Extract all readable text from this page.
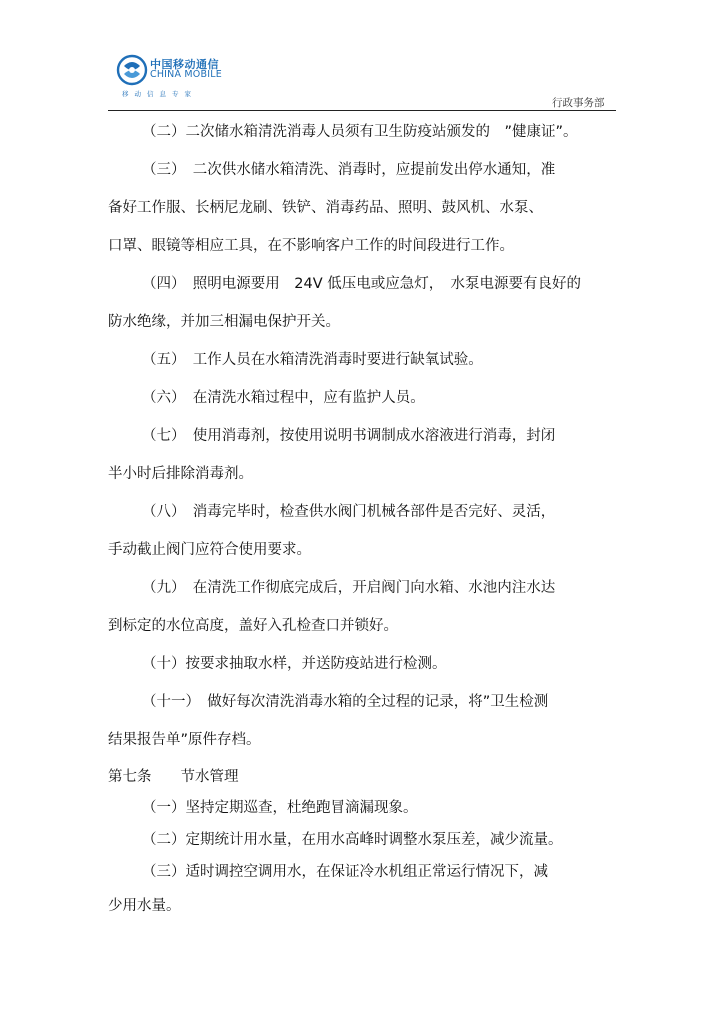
中国移动通信
CHINA MOBILE
移动信息专家
行政事务部
（二）二次储水箱清洗消毒人员须有卫生防疫站颁发的　”健康证”。
（三）　二次供水储水箱清洗、消毒时，应提前发出停水通知，准
备好工作服、长柄尼龙刷、铁铲、消毒药品、照明、鼓风机、水泵、
口罩、眼镜等相应工具，在不影响客户工作的时间段进行工作。
（四）　照明电源要用　24V 低压电或应急灯，　水泵电源要有良好的
防水绝缘，并加三相漏电保护开关。
（五）　工作人员在水箱清洗消毒时要进行缺氧试验。
（六）　在清洗水箱过程中，应有监护人员。
（七）　使用消毒剂，按使用说明书调制成水溶液进行消毒，封闭
半小时后排除消毒剂。
（八）　消毒完毕时，检查供水阀门机械各部件是否完好、灵活，
手动截止阀门应符合使用要求。
（九）　在清洗工作彻底完成后，开启阀门向水箱、水池内注水达
到标定的水位高度，盖好入孔检查口并锁好。
（十）按要求抽取水样，并送防疫站进行检测。
（十一）　做好每次清洗消毒水箱的全过程的记录，将”卫生检测
结果报告单”原件存档。
第七条　　节水管理
（一）坚持定期巡查，杜绝跑冒滴漏现象。
（二）定期统计用水量，在用水高峰时调整水泵压差，减少流量。
（三）适时调控空调用水，在保证冷水机组正常运行情况下，减
少用水量。
